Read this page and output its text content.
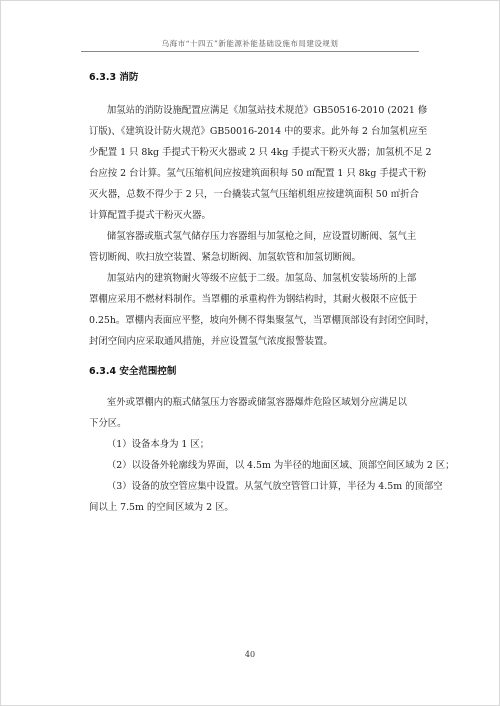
乌海市“十四五”新能源补能基础设施布局建设规划
6.3.3 消防
加氢站的消防设施配置应满足《加氢站技术规范》GB50516-2010 (2021 修
订版)、《建筑设计防火规范》GB50016-2014 中的要求。此外每 2 台加氢机应至
少配置 1 只 8kg 手提式干粉灭火器或 2 只 4kg 手提式干粉灭火器；加氢机不足 2
台应按 2 台计算。氢气压缩机间应按建筑面积每 50 ㎡配置 1 只 8kg 手提式干粉
灭火器，总数不得少于 2 只，一台撬装式氢气压缩机组应按建筑面积 50 ㎡折合
计算配置手提式干粉灭火器。
储氢容器或瓶式氢气储存压力容器组与加氢枪之间，应设置切断阀、氢气主
管切断阀、吹扫放空装置、紧急切断阀、加氢软管和加氢切断阀。
加氢站内的建筑物耐火等级不应低于二级。加氢岛、加氢机安装场所的上部
罩棚应采用不燃材料制作。当罩棚的承重构件为钢结构时，其耐火极限不应低于
0.25h。罩棚内表面应平整，坡向外侧不得集聚氢气，当罩棚顶部设有封闭空间时，
封闭空间内应采取通风措施，并应设置氢气浓度报警装置。
6.3.4 安全范围控制
室外或罩棚内的瓶式储氢压力容器或储氢容器爆炸危险区域划分应满足以
下分区。
（1）设备本身为 1 区；
（2）以设备外轮廓线为界面，以 4.5m 为半径的地面区域、顶部空间区域为 2 区；
（3）设备的放空管应集中设置。从氢气放空管管口计算，半径为 4.5m 的顶部空
间以上 7.5m 的空间区域为 2 区。
40
